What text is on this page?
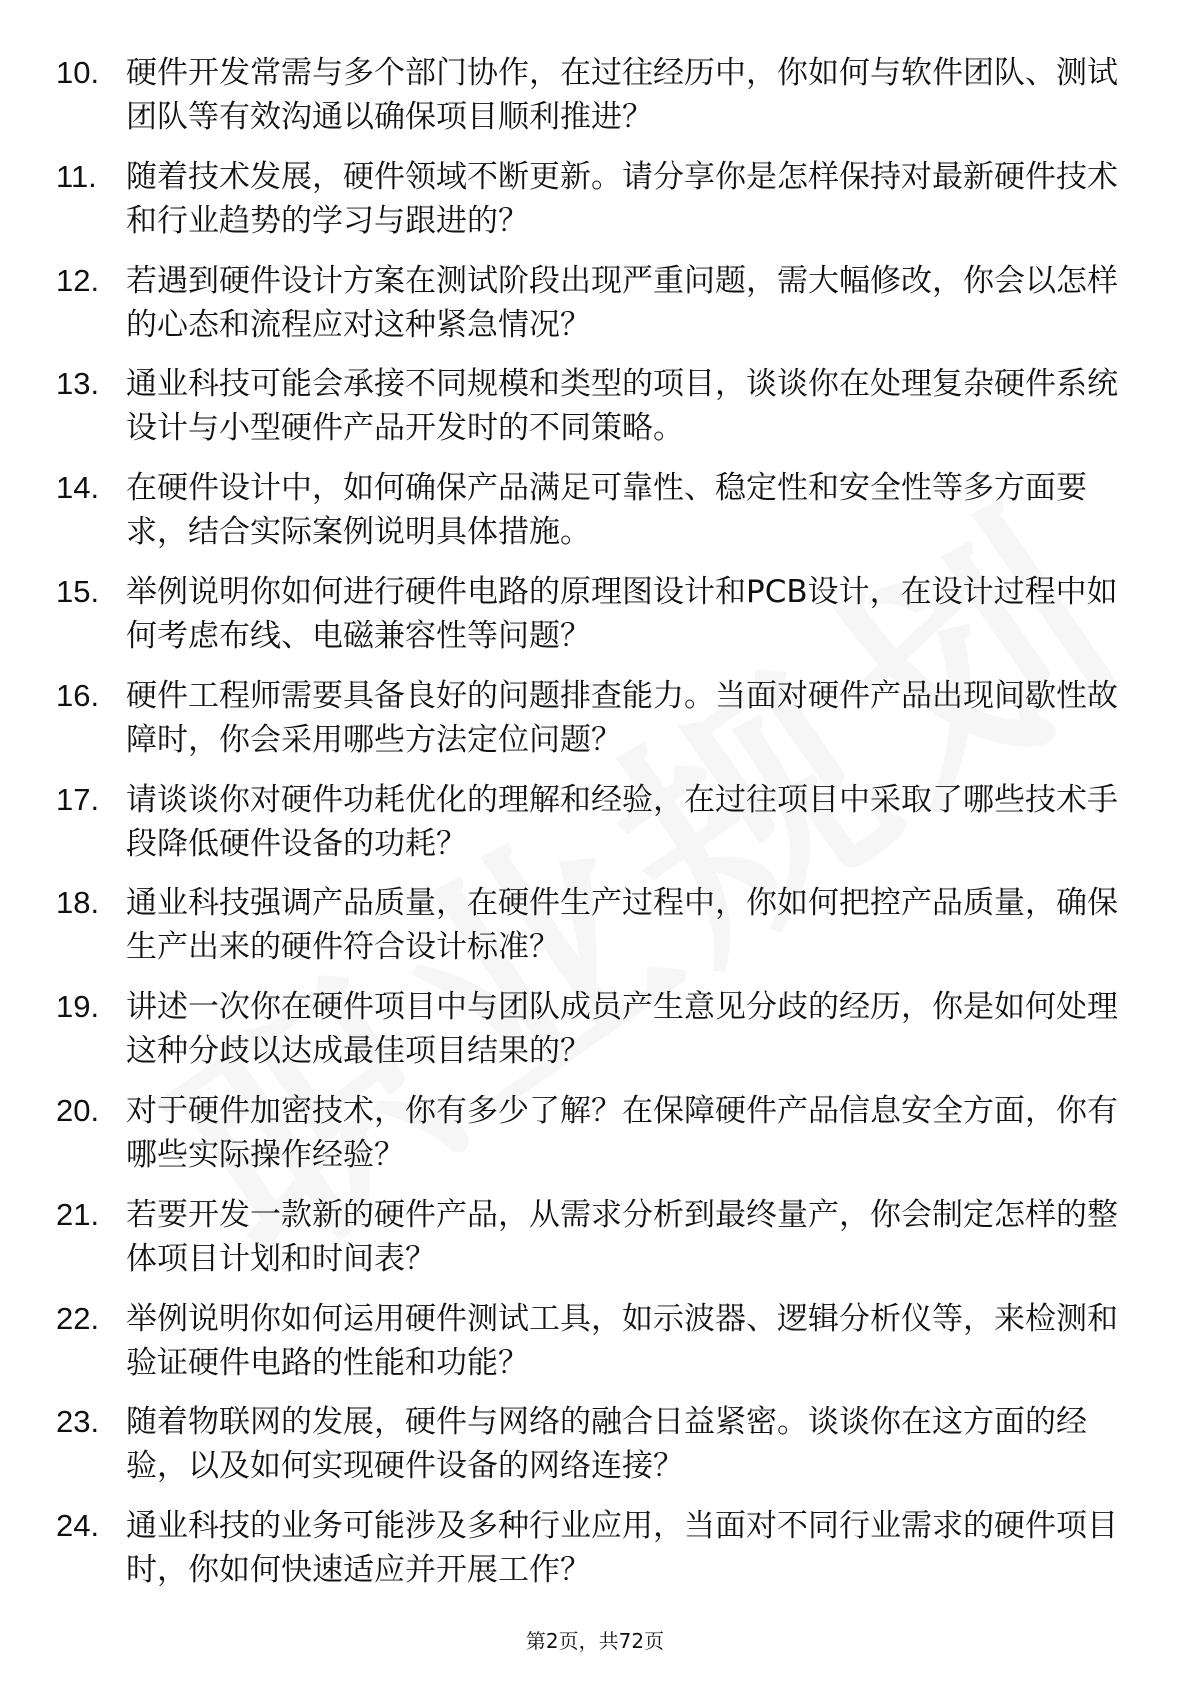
10. 硬件开发常需与多个部门协作，在过往经历中，你如何与软件团队、测试团队等有效沟通以确保项目顺利推进？
11. 随着技术发展，硬件领域不断更新。请分享你是怎样保持对最新硬件技术和行业趋势的学习与跟进的？
12. 若遇到硬件设计方案在测试阶段出现严重问题，需大幅修改，你会以怎样的心态和流程应对这种紧急情况？
13. 通业科技可能会承接不同规模和类型的项目，谈谈你在处理复杂硬件系统设计与小型硬件产品开发时的不同策略。
14. 在硬件设计中，如何确保产品满足可靠性、稳定性和安全性等多方面要求，结合实际案例说明具体措施。
15. 举例说明你如何进行硬件电路的原理图设计和PCB设计，在设计过程中如何考虑布线、电磁兼容性等问题？
16. 硬件工程师需要具备良好的问题排查能力。当面对硬件产品出现间歇性故障时，你会采用哪些方法定位问题？
17. 请谈谈你对硬件功耗优化的理解和经验，在过往项目中采取了哪些技术手段降低硬件设备的功耗？
18. 通业科技强调产品质量，在硬件生产过程中，你如何把控产品质量，确保生产出来的硬件符合设计标准？
19. 讲述一次你在硬件项目中与团队成员产生意见分歧的经历，你是如何处理这种分歧以达成最佳项目结果的？
20. 对于硬件加密技术，你有多少了解？在保障硬件产品信息安全方面，你有哪些实际操作经验？
21. 若要开发一款新的硬件产品，从需求分析到最终量产，你会制定怎样的整体项目计划和时间表？
22. 举例说明你如何运用硬件测试工具，如示波器、逻辑分析仪等，来检测和验证硬件电路的性能和功能？
23. 随着物联网的发展，硬件与网络的融合日益紧密。谈谈你在这方面的经验，以及如何实现硬件设备的网络连接？
24. 通业科技的业务可能涉及多种行业应用，当面对不同行业需求的硬件项目时，你如何快速适应并开展工作？
第2页，共72页
